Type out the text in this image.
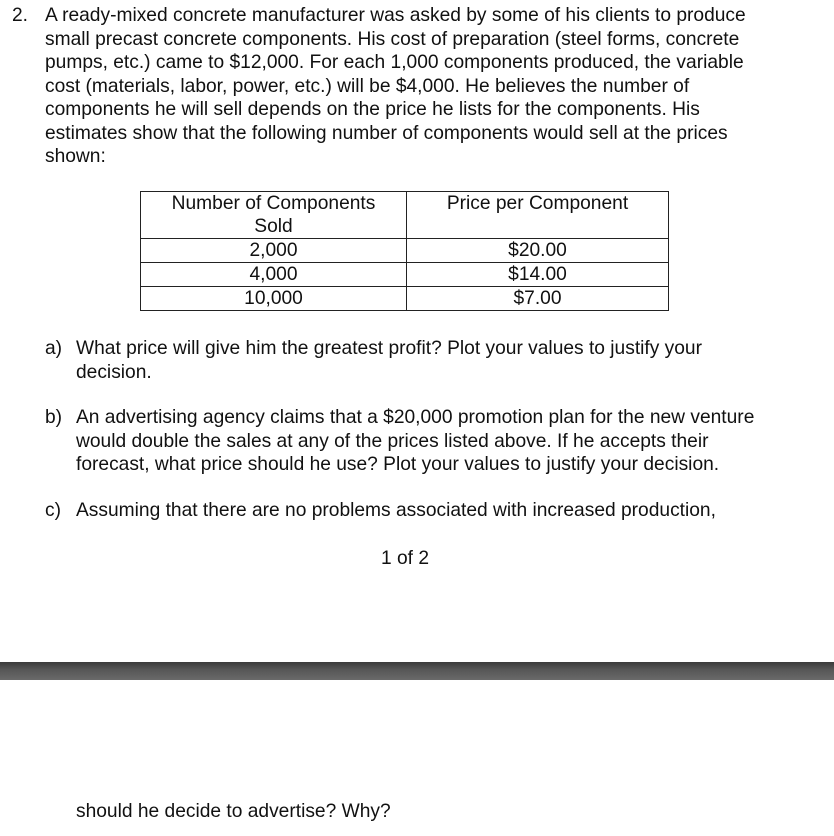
2. A ready-mixed concrete manufacturer was asked by some of his clients to produce
small precast concrete components. His cost of preparation (steel forms, concrete
pumps, etc.) came to $12,000. For each 1,000 components produced, the variable
cost (materials, labor, power, etc.) will be $4,000. He believes the number of
components he will sell depends on the price he lists for the components. His
estimates show that the following number of components would sell at the prices
shown:
Number of Components
Sold	Price per Component
2,000	$20.00
4,000	$14.00
10,000	$7.00
a) What price will give him the greatest profit? Plot your values to justify your
decision.
b) An advertising agency claims that a $20,000 promotion plan for the new venture
would double the sales at any of the prices listed above. If he accepts their
forecast, what price should he use? Plot your values to justify your decision.
c) Assuming that there are no problems associated with increased production,
1 of 2
should he decide to advertise? Why?
